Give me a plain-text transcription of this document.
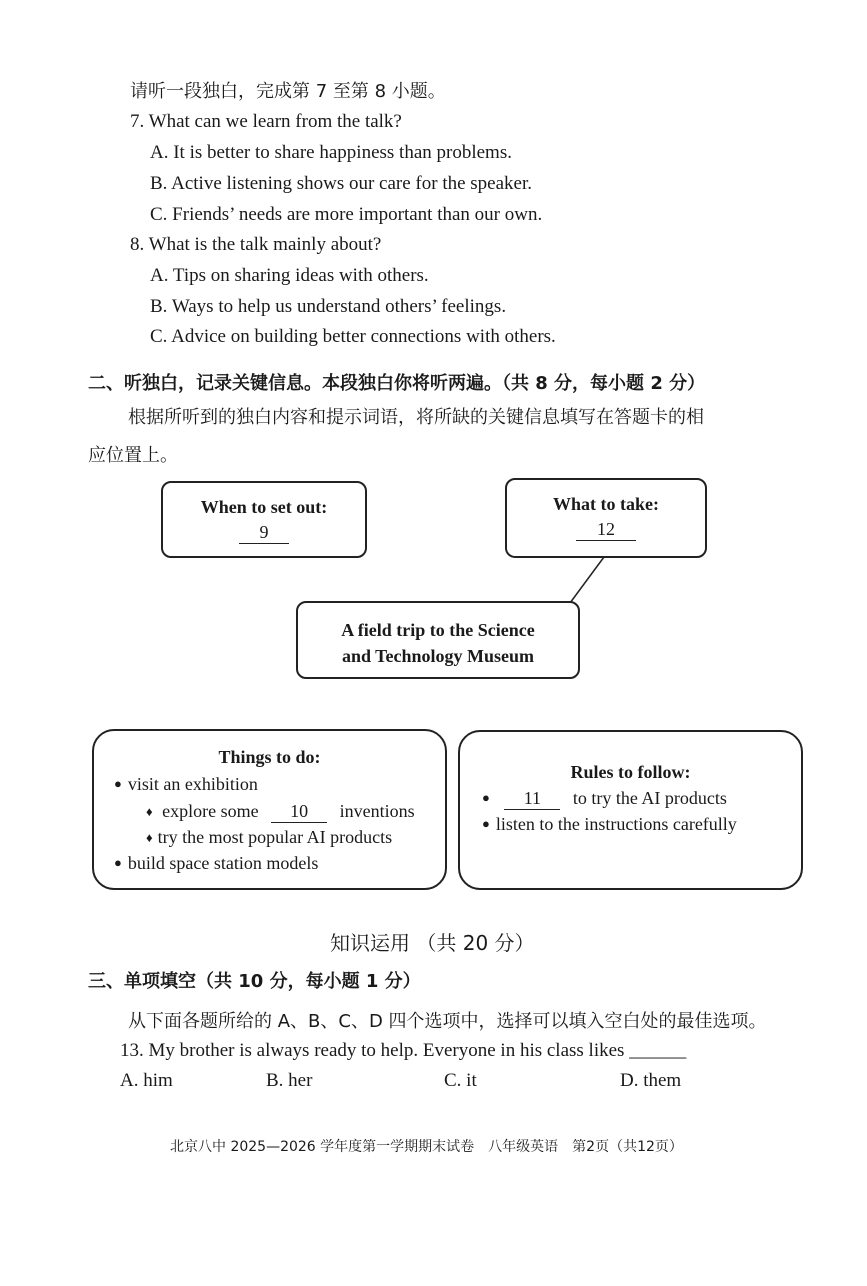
请听一段独白，完成第 7 至第 8 小题。
7. What can we learn from the talk?
A. It is better to share happiness than problems.
B. Active listening shows our care for the speaker.
C. Friends’ needs are more important than our own.
8. What is the talk mainly about?
A. Tips on sharing ideas with others.
B. Ways to help us understand others’ feelings.
C. Advice on building better connections with others.
二、听独白，记录关键信息。本段独白你将听两遍。（共 8 分，每小题 2 分）
根据所听到的独白内容和提示词语，将所缺的关键信息填写在答题卡的相
应位置上。
When to set out:
9
What to take:
12
A field trip to the Science
and Technology Museum
Things to do:
● visit an exhibition
♦ explore some 10 inventions
♦ try the most popular AI products
● build space station models
Rules to follow:
● 11 to try the AI products
● listen to the instructions carefully
知识运用 （共 20 分）
三、单项填空（共 10 分，每小题 1 分）
从下面各题所给的 A、B、C、D 四个选项中，选择可以填入空白处的最佳选项。
13. My brother is always ready to help. Everyone in his class likes ______
A. him	B. her	C. it	D. them
北京八中 2025—2026 学年度第一学期期末试卷　八年级英语　第2页（共12页）
